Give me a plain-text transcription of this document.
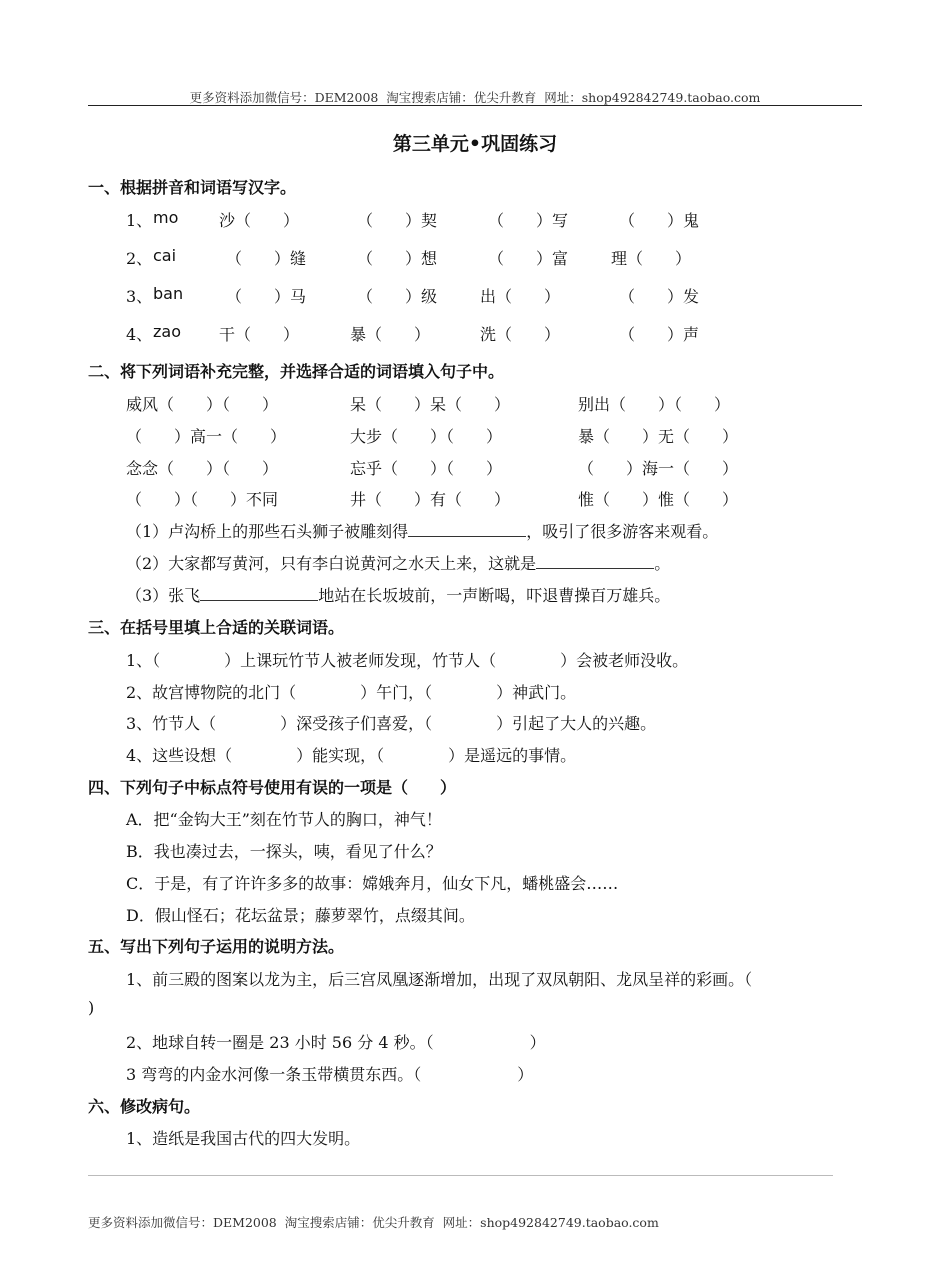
更多资料添加微信号：DEM2008  淘宝搜索店铺：优尖升教育  网址：shop492842749.taobao.com
第三单元•巩固练习
一、根据拼音和词语写汉字。
1、 mo	沙（　　）	（　　）契	（　　）写	（　　）鬼
2、 cai	（　　）缝	（　　）想	（　　）富	理（　　）
3、 ban	（　　）马	（　　）级	出（　　）	（　　）发
4、 zao 干（　　）	暴（　　）	洗（　　）	（　　）声
二、将下列词语补充完整，并选择合适的词语填入句子中。
威风（　　）（　　）	呆（　　）呆（　　）	别出（　　）（　　）
（　　）高一（　　）	大步（　　）（　　）	暴（　　）无（　　）
念念（　　）（　　）	忘乎（　　）（　　）	（　　）海一（　　）
（　　）（　　）不同	井（　　）有（　　）	惟（　　）惟（　　）
（1）卢沟桥上的那些石头狮子被雕刻得	，吸引了很多游客来观看。
（2）大家都写黄河，只有李白说黄河之水天上来，这就是	。
（3）张飞	地站在长坂坡前，一声断喝，吓退曹操百万雄兵。
三、在括号里填上合适的关联词语。
1、（　　　　）上课玩竹节人被老师发现，竹节人（　　　　）会被老师没收。
2、故宫博物院的北门（　　　　）午门，（　　　　）神武门。
3、竹节人（　　　　）深受孩子们喜爱，（　　　　）引起了大人的兴趣。
4、这些设想（　　　　）能实现，（　　　　）是遥远的事情。
四、下列句子中标点符号使用有误的一项是（　　）
A．把“金钩大王”刻在竹节人的胸口，神气！
B．我也凑过去，一探头，咦，看见了什么？
C．于是，有了许许多多的故事：嫦娥奔月，仙女下凡，蟠桃盛会……
D．假山怪石；花坛盆景；藤萝翠竹，点缀其间。
五、写出下列句子运用的说明方法。
1、前三殿的图案以龙为主，后三宫凤凰逐渐增加，出现了双凤朝阳、龙凤呈祥的彩画。（
)
2、地球自转一圈是 23 小时 56 分 4 秒。（　　　　　　）
3 弯弯的内金水河像一条玉带横贯东西。（　　　　　　）
六、修改病句。
1、造纸是我国古代的四大发明。
更多资料添加微信号：DEM2008  淘宝搜索店铺：优尖升教育  网址：shop492842749.taobao.com
